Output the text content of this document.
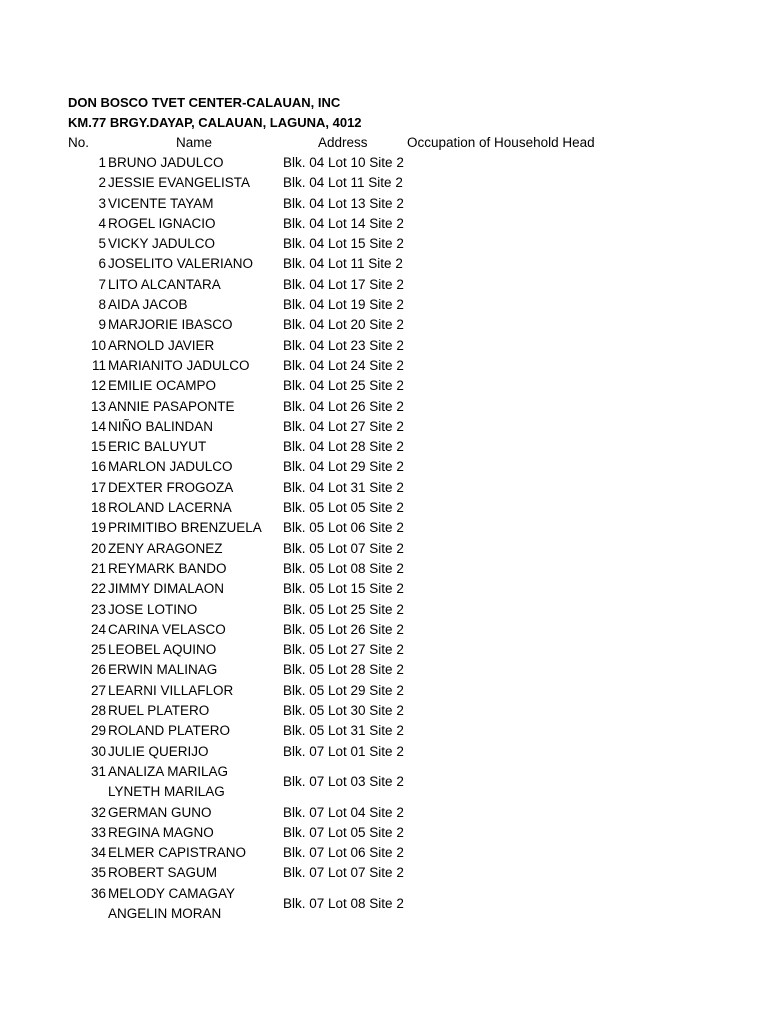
DON BOSCO TVET CENTER-CALAUAN, INC
KM.77 BRGY.DAYAP, CALAUAN, LAGUNA, 4012
No.	Name	Address	Occupation of Household Head
1 BRUNO JADULCO	Blk. 04 Lot 10 Site 2
2 JESSIE EVANGELISTA Blk. 04 Lot 11 Site 2
3 VICENTE TAYAM	Blk. 04 Lot 13 Site 2
4 ROGEL IGNACIO	Blk. 04 Lot 14 Site 2
5 VICKY JADULCO	Blk. 04 Lot 15 Site 2
6 JOSELITO VALERIANO Blk. 04 Lot 11 Site 2
7 LITO ALCANTARA	Blk. 04 Lot 17 Site 2
8 AIDA JACOB	Blk. 04 Lot 19 Site 2
9 MARJORIE IBASCO	Blk. 04 Lot 20 Site 2
10 ARNOLD JAVIER	Blk. 04 Lot 23 Site 2
11 MARIANITO JADULCO Blk. 04 Lot 24 Site 2
12 EMILIE OCAMPO	Blk. 04 Lot 25 Site 2
13 ANNIE PASAPONTE	Blk. 04 Lot 26 Site 2
14 NIÑO BALINDAN	Blk. 04 Lot 27 Site 2
15 ERIC BALUYUT	Blk. 04 Lot 28 Site 2
16 MARLON JADULCO	Blk. 04 Lot 29 Site 2
17 DEXTER FROGOZA	Blk. 04 Lot 31 Site 2
18 ROLAND LACERNA	Blk. 05 Lot 05 Site 2
19 PRIMITIBO BRENZUELA Blk. 05 Lot 06 Site 2
20 ZENY ARAGONEZ	Blk. 05 Lot 07 Site 2
21 REYMARK BANDO	Blk. 05 Lot 08 Site 2
22 JIMMY DIMALAON	Blk. 05 Lot 15 Site 2
23 JOSE LOTINO	Blk. 05 Lot 25 Site 2
24 CARINA VELASCO	Blk. 05 Lot 26 Site 2
25 LEOBEL AQUINO	Blk. 05 Lot 27 Site 2
26 ERWIN MALINAG	Blk. 05 Lot 28 Site 2
27 LEARNI VILLAFLOR	Blk. 05 Lot 29 Site 2
28 RUEL PLATERO	Blk. 05 Lot 30 Site 2
29 ROLAND PLATERO	Blk. 05 Lot 31 Site 2
30 JULIE QUERIJO	Blk. 07 Lot 01 Site 2
31 ANALIZA MARILAG
LYNETH MARILAG
Blk. 07 Lot 03 Site 2
32 GERMAN GUNO	Blk. 07 Lot 04 Site 2
33 REGINA MAGNO	Blk. 07 Lot 05 Site 2
34 ELMER CAPISTRANO	Blk. 07 Lot 06 Site 2
35 ROBERT SAGUM	Blk. 07 Lot 07 Site 2
36 MELODY CAMAGAY
ANGELIN MORAN
Blk. 07 Lot 08 Site 2
